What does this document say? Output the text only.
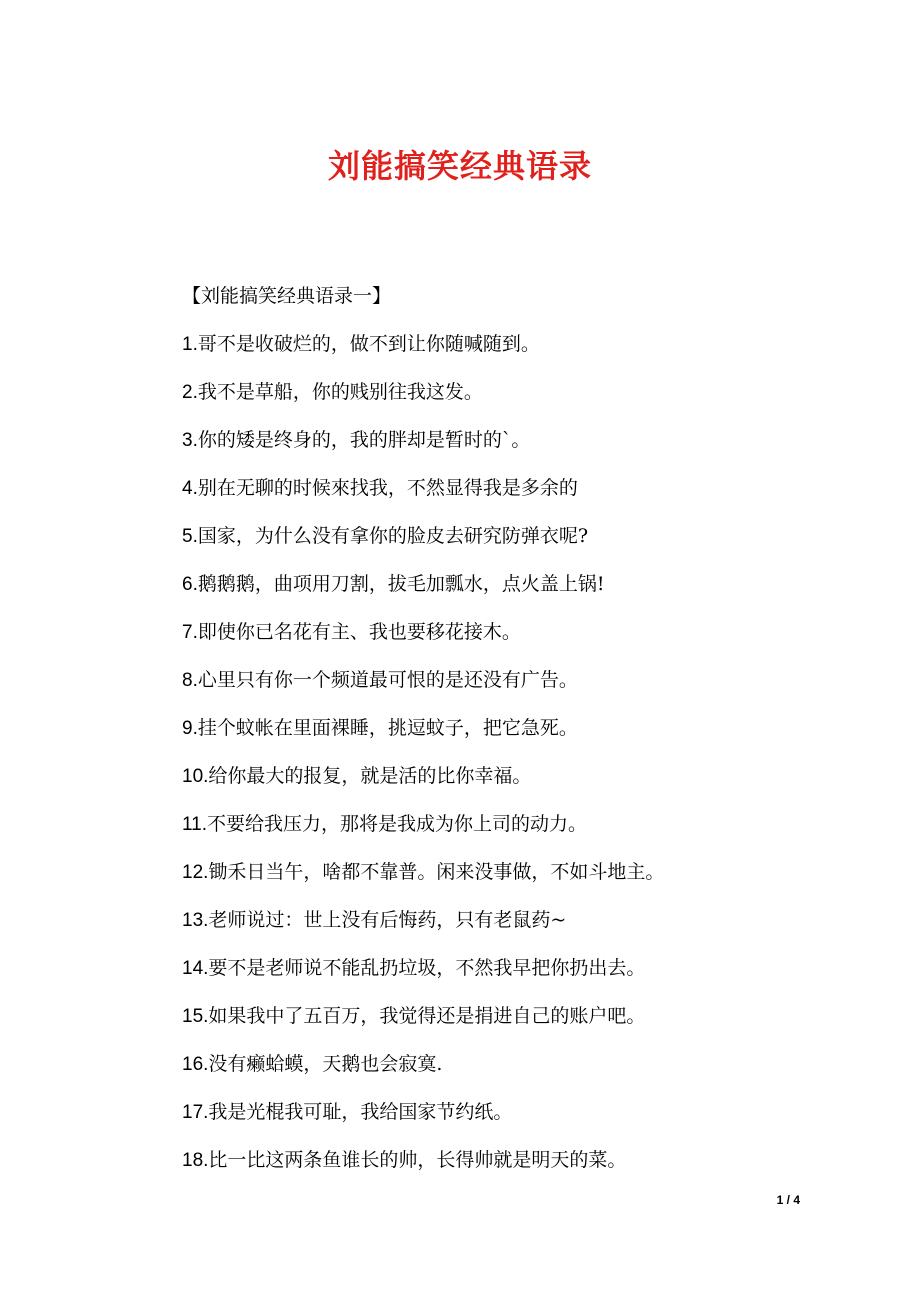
刘能搞笑经典语录

【刘能搞笑经典语录一】

1.哥不是收破烂的，做不到让你随喊随到。
2.我不是草船，你的贱别往我这发。
3.你的矮是终身的，我的胖却是暂时的`。
4.别在无聊的时候來找我，不然显得我是多余的
5.国家，为什么没有拿你的脸皮去研究防弹衣呢?
6.鹅鹅鹅，曲项用刀割，拔毛加瓢水，点火盖上锅!
7.即使你已名花有主、我也要移花接木。
8.心里只有你一个频道最可恨的是还没有广告。
9.挂个蚊帐在里面裸睡，挑逗蚊子，把它急死。
10.给你最大的报复，就是活的比你幸福。
11.不要给我压力，那将是我成为你上司的动力。
12.锄禾日当午，啥都不靠普。闲来没事做，不如斗地主。
13.老师说过：世上没有后悔药，只有老鼠药~
14.要不是老师说不能乱扔垃圾，不然我早把你扔出去。
15.如果我中了五百万，我觉得还是捐进自己的账户吧。
16.没有癞蛤蟆，天鹅也会寂寞.
17.我是光棍我可耻，我给国家节约纸。
18.比一比这两条鱼谁长的帅，长得帅就是明天的菜。
1 / 4
